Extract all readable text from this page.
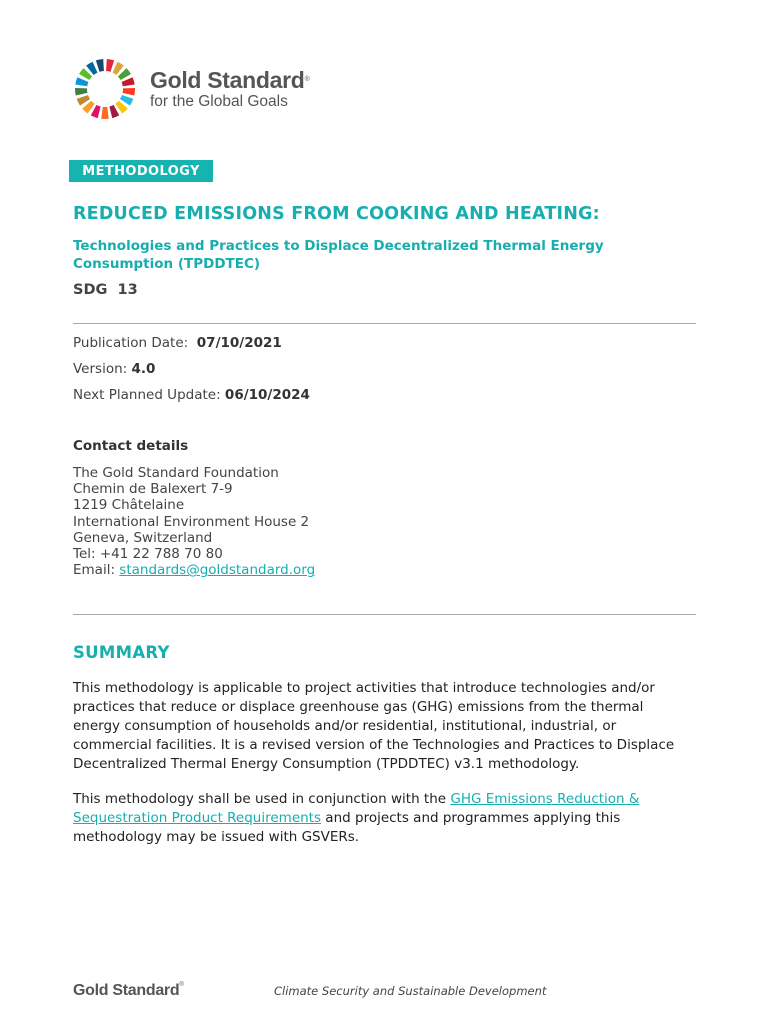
Gold Standard®
for the Global Goals
METHODOLOGY
REDUCED EMISSIONS FROM COOKING AND HEATING:
Technologies and Practices to Displace Decentralized Thermal Energy Consumption (TPDDTEC)
SDG  13
Publication Date:  07/10/2021
Version: 4.0
Next Planned Update: 06/10/2024
Contact details
The Gold Standard Foundation
Chemin de Balexert 7-9
1219 Châtelaine
International Environment House 2
Geneva, Switzerland
Tel: +41 22 788 70 80
Email: standards@goldstandard.org
SUMMARY
This methodology is applicable to project activities that introduce technologies and/or practices that reduce or displace greenhouse gas (GHG) emissions from the thermal energy consumption of households and/or residential, institutional, industrial, or commercial facilities. It is a revised version of the Technologies and Practices to Displace Decentralized Thermal Energy Consumption (TPDDTEC) v3.1 methodology.
This methodology shall be used in conjunction with the GHG Emissions Reduction & Sequestration Product Requirements and projects and programmes applying this methodology may be issued with GSVERs.
Gold Standard®	Climate Security and Sustainable Development
